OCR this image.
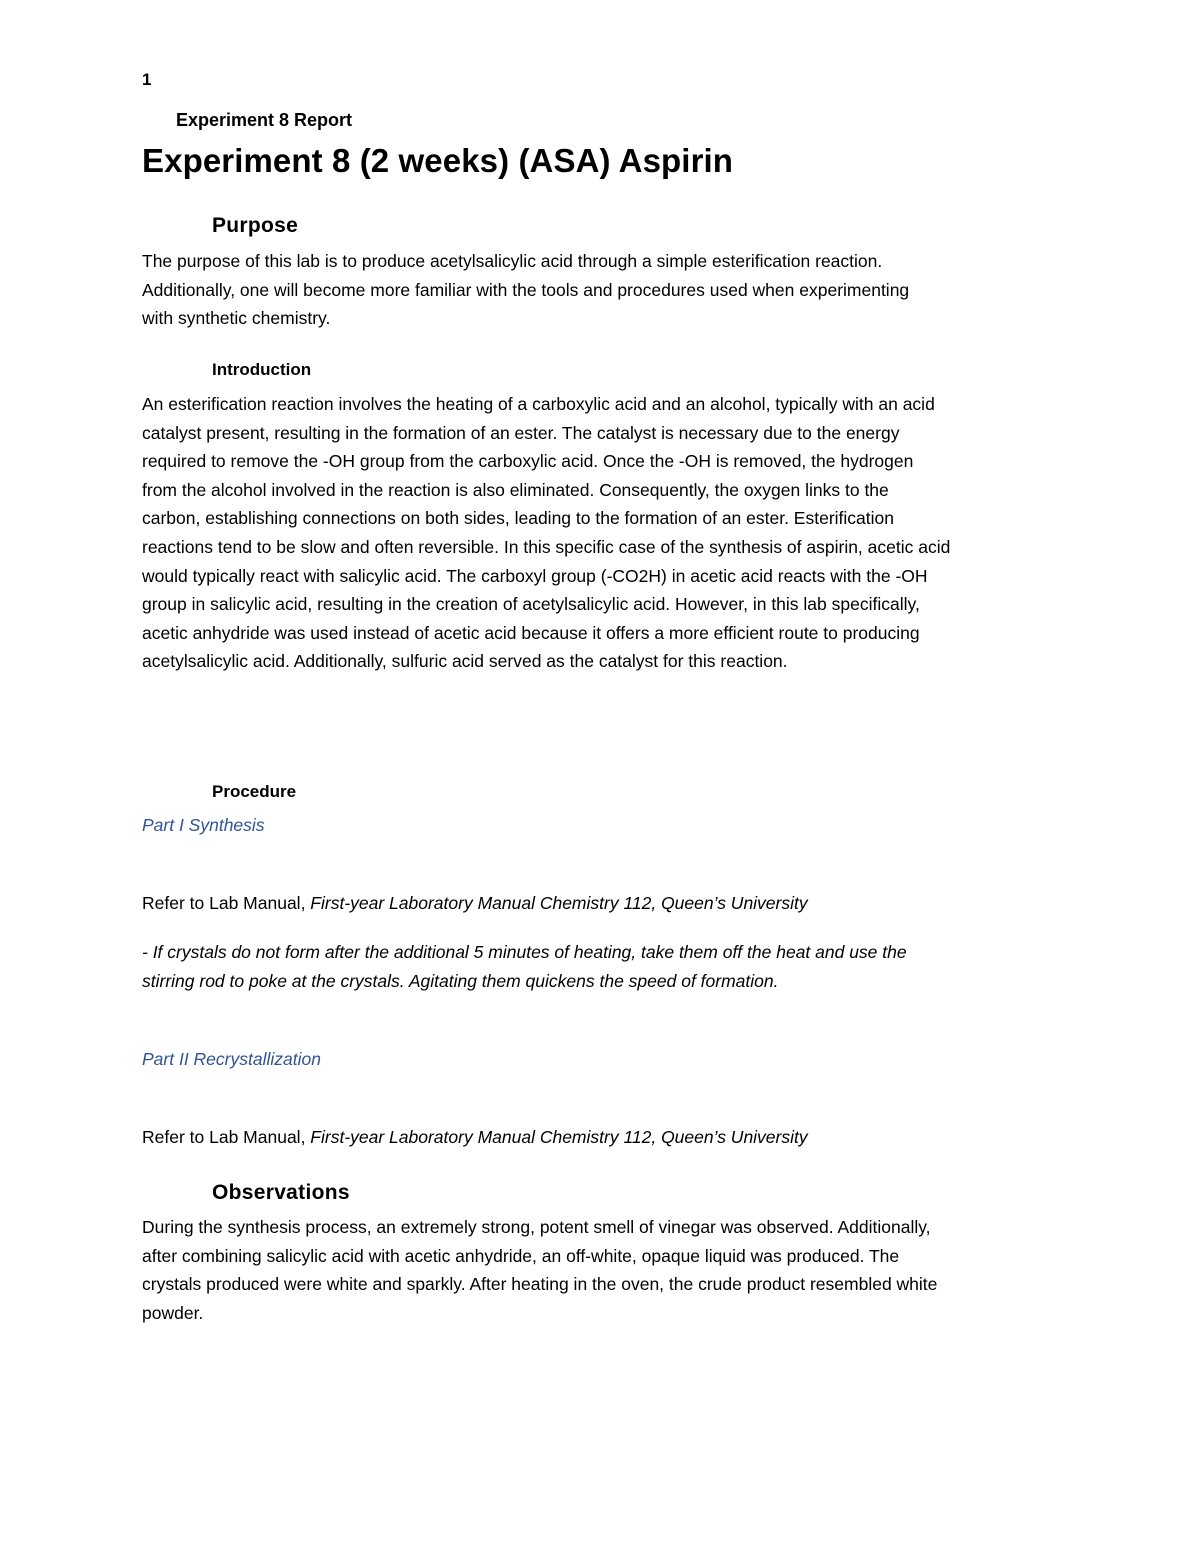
1
Experiment 8 Report
Experiment 8 (2 weeks) (ASA) Aspirin
Purpose
The purpose of this lab is to produce acetylsalicylic acid through a simple esterification reaction.
Additionally, one will become more familiar with the tools and procedures used when experimenting
with synthetic chemistry.
Introduction
An esterification reaction involves the heating of a carboxylic acid and an alcohol, typically with an acid
catalyst present, resulting in the formation of an ester. The catalyst is necessary due to the energy
required to remove the -OH group from the carboxylic acid. Once the -OH is removed, the hydrogen
from the alcohol involved in the reaction is also eliminated. Consequently, the oxygen links to the
carbon, establishing connections on both sides, leading to the formation of an ester. Esterification
reactions tend to be slow and often reversible. In this specific case of the synthesis of aspirin, acetic acid
would typically react with salicylic acid. The carboxyl group (-CO2H) in acetic acid reacts with the -OH
group in salicylic acid, resulting in the creation of acetylsalicylic acid. However, in this lab specifically,
acetic anhydride was used instead of acetic acid because it offers a more efficient route to producing
acetylsalicylic acid. Additionally, sulfuric acid served as the catalyst for this reaction.
Procedure
Part I Synthesis
Refer to Lab Manual, First-year Laboratory Manual Chemistry 112, Queen’s University
- If crystals do not form after the additional 5 minutes of heating, take them off the heat and use the
stirring rod to poke at the crystals. Agitating them quickens the speed of formation.
Part II Recrystallization
Refer to Lab Manual, First-year Laboratory Manual Chemistry 112, Queen’s University
Observations
During the synthesis process, an extremely strong, potent smell of vinegar was observed. Additionally,
after combining salicylic acid with acetic anhydride, an off-white, opaque liquid was produced. The
crystals produced were white and sparkly. After heating in the oven, the crude product resembled white
powder.
